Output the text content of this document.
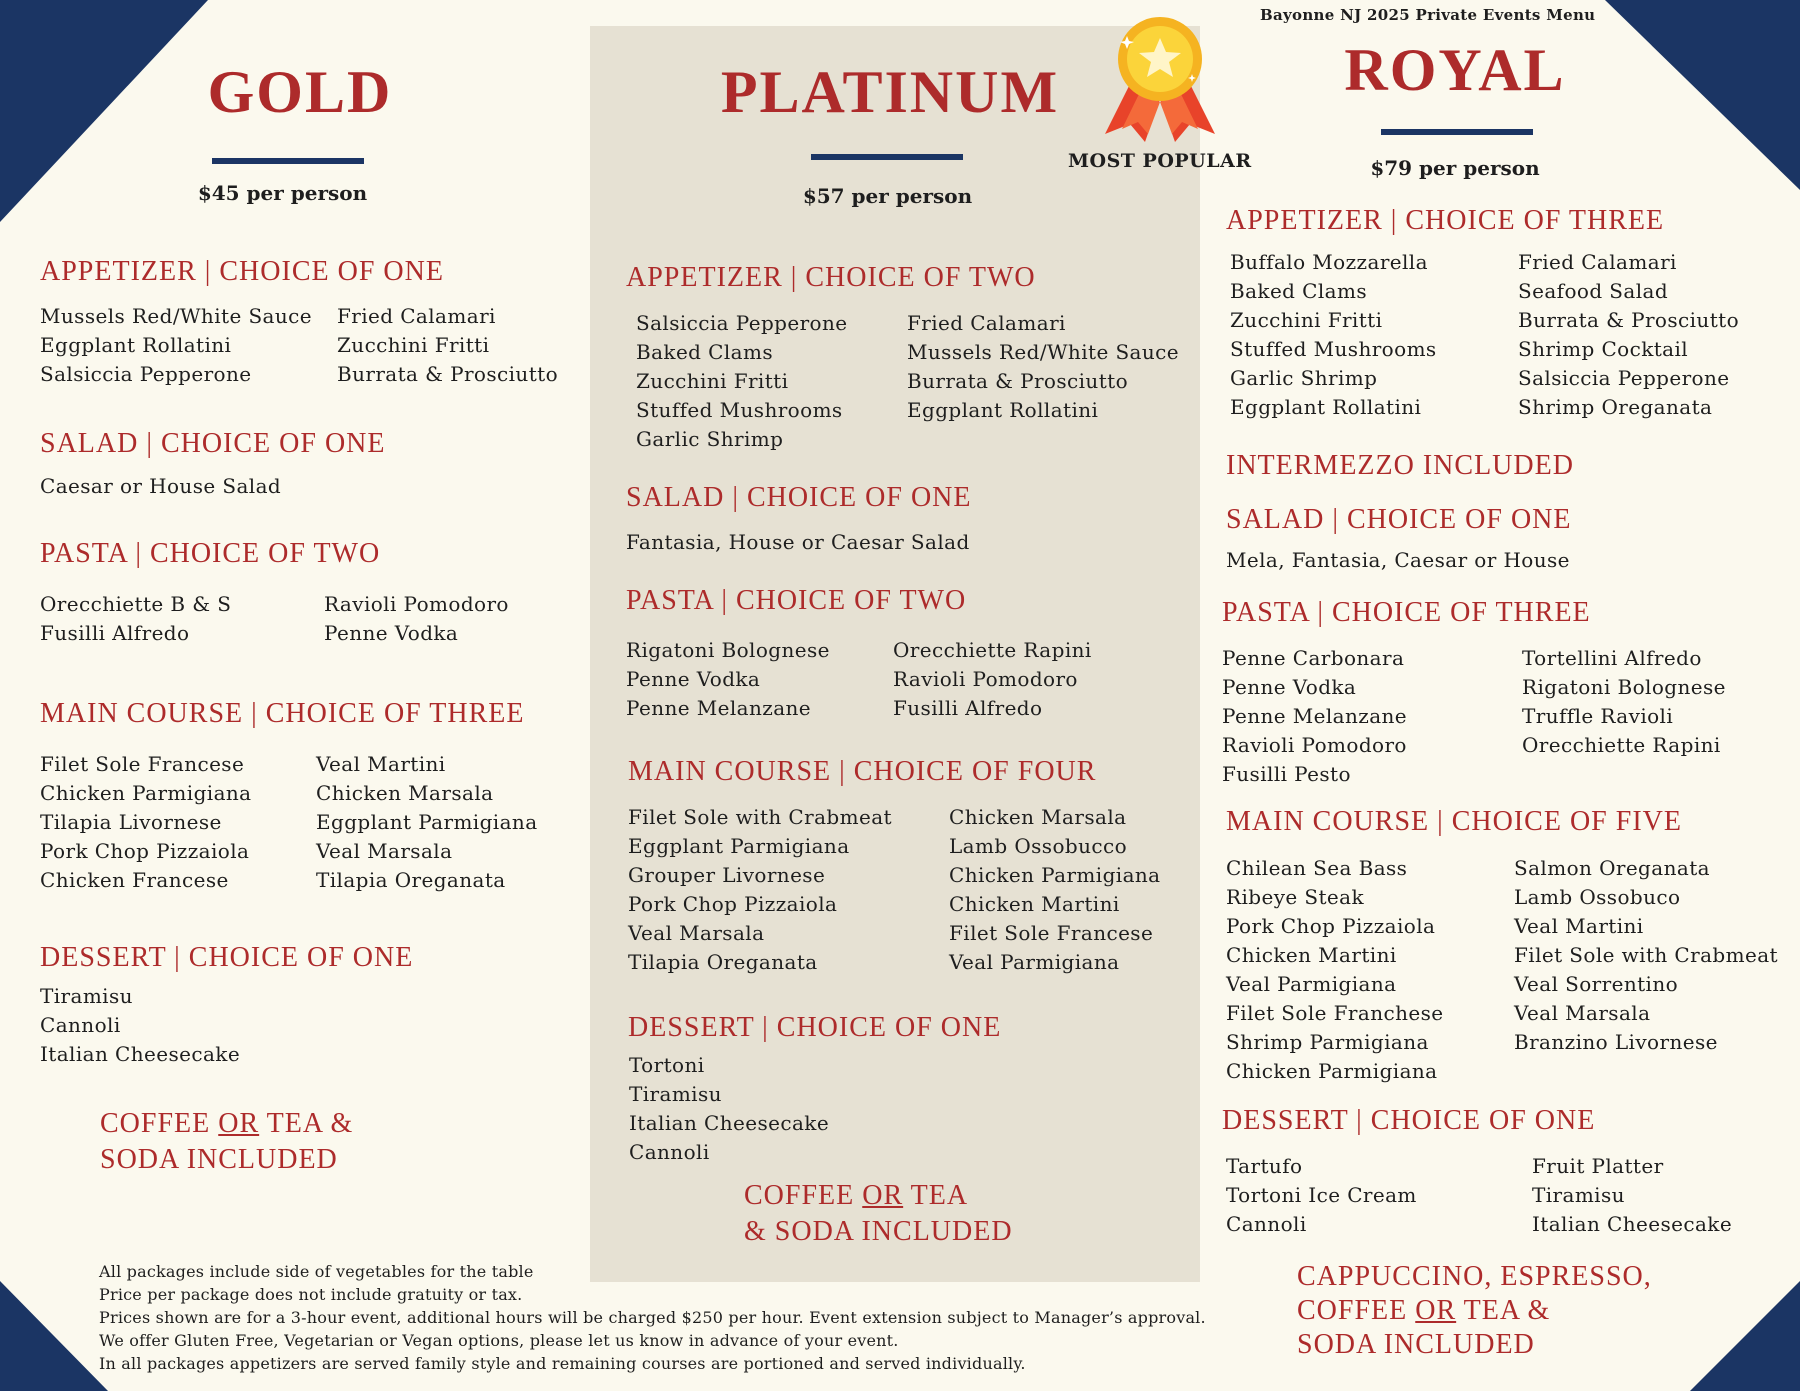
Bayonne NJ 2025 Private Events Menu
GOLD
$45 per person
APPETIZER | CHOICE OF ONE
Mussels Red/White Sauce
Eggplant Rollatini
Salsiccia Pepperone
Fried Calamari
Zucchini Fritti
Burrata & Prosciutto
SALAD | CHOICE OF ONE
Caesar or House Salad
PASTA | CHOICE OF TWO
Orecchiette B & S
Fusilli Alfredo
Ravioli Pomodoro
Penne Vodka
MAIN COURSE | CHOICE OF THREE
Filet Sole Francese
Chicken Parmigiana
Tilapia Livornese
Pork Chop Pizzaiola
Chicken Francese
Veal Martini
Chicken Marsala
Eggplant Parmigiana
Veal Marsala
Tilapia Oreganata
DESSERT | CHOICE OF ONE
Tiramisu
Cannoli
Italian Cheesecake
COFFEE OR TEA &
SODA INCLUDED
PLATINUM
$57 per person
APPETIZER | CHOICE OF TWO
Salsiccia Pepperone
Baked Clams
Zucchini Fritti
Stuffed Mushrooms
Garlic Shrimp
Fried Calamari
Mussels Red/White Sauce
Burrata & Prosciutto
Eggplant Rollatini
SALAD | CHOICE OF ONE
Fantasia, House or Caesar Salad
PASTA | CHOICE OF TWO
Rigatoni Bolognese
Penne Vodka
Penne Melanzane
Orecchiette Rapini
Ravioli Pomodoro
Fusilli Alfredo
MAIN COURSE | CHOICE OF FOUR
Filet Sole with Crabmeat
Eggplant Parmigiana
Grouper Livornese
Pork Chop Pizzaiola
Veal Marsala
Tilapia Oreganata
Chicken Marsala
Lamb Ossobucco
Chicken Parmigiana
Chicken Martini
Filet Sole Francese
Veal Parmigiana
DESSERT | CHOICE OF ONE
Tortoni
Tiramisu
Italian Cheesecake
Cannoli
COFFEE OR TEA
& SODA INCLUDED
MOST POPULAR
ROYAL
$79 per person
APPETIZER | CHOICE OF THREE
Buffalo Mozzarella
Baked Clams
Zucchini Fritti
Stuffed Mushrooms
Garlic Shrimp
Eggplant Rollatini
Fried Calamari
Seafood Salad
Burrata & Prosciutto
Shrimp Cocktail
Salsiccia Pepperone
Shrimp Oreganata
INTERMEZZO INCLUDED
SALAD | CHOICE OF ONE
Mela, Fantasia, Caesar or House
PASTA | CHOICE OF THREE
Penne Carbonara
Penne Vodka
Penne Melanzane
Ravioli Pomodoro
Fusilli Pesto
Tortellini Alfredo
Rigatoni Bolognese
Truffle Ravioli
Orecchiette Rapini
MAIN COURSE | CHOICE OF FIVE
Chilean Sea Bass
Ribeye Steak
Pork Chop Pizzaiola
Chicken Martini
Veal Parmigiana
Filet Sole Franchese
Shrimp Parmigiana
Chicken Parmigiana
Salmon Oreganata
Lamb Ossobuco
Veal Martini
Filet Sole with Crabmeat
Veal Sorrentino
Veal Marsala
Branzino Livornese
DESSERT | CHOICE OF ONE
Tartufo
Tortoni Ice Cream
Cannoli
Fruit Platter
Tiramisu
Italian Cheesecake
CAPPUCCINO, ESPRESSO,
COFFEE OR TEA &
SODA INCLUDED
All packages include side of vegetables for the table
Price per package does not include gratuity or tax.
Prices shown are for a 3-hour event, additional hours will be charged $250 per hour. Event extension subject to Manager’s approval.
We offer Gluten Free, Vegetarian or Vegan options, please let us know in advance of your event.
In all packages appetizers are served family style and remaining courses are portioned and served individually.
